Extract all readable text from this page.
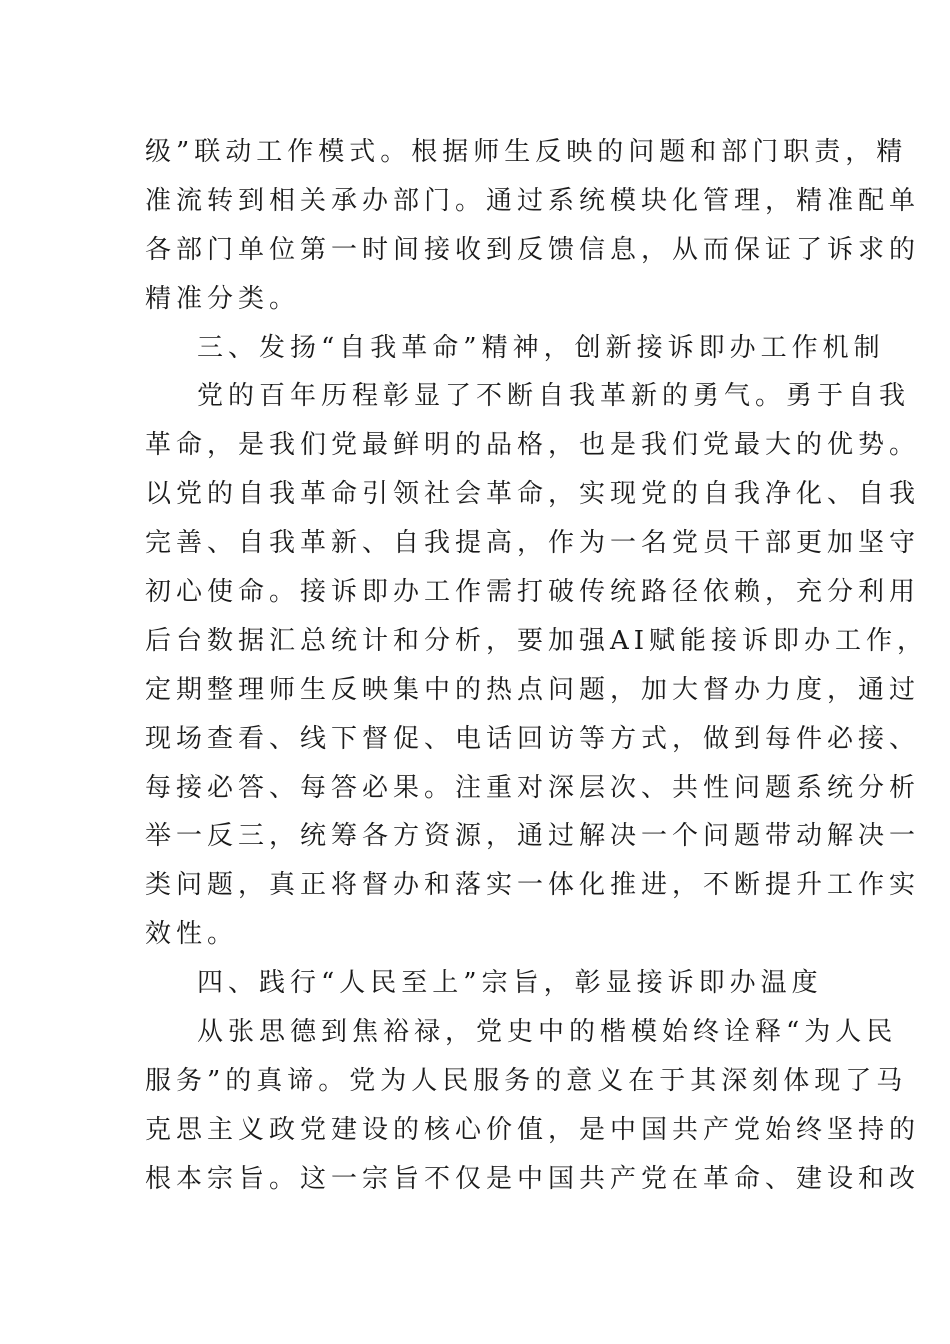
级”联动工作模式。根据师生反映的问题和部门职责，精
准流转到相关承办部门。通过系统模块化管理，精准配单
各部门单位第一时间接收到反馈信息，从而保证了诉求的
精准分类。
三、发扬“自我革命”精神，创新接诉即办工作机制
党的百年历程彰显了不断自我革新的勇气。勇于自我
革命，是我们党最鲜明的品格，也是我们党最大的优势。
以党的自我革命引领社会革命，实现党的自我净化、自我
完善、自我革新、自我提高，作为一名党员干部更加坚守
初心使命。接诉即办工作需打破传统路径依赖，充分利用
后台数据汇总统计和分析，要加强AI赋能接诉即办工作，
定期整理师生反映集中的热点问题，加大督办力度，通过
现场查看、线下督促、电话回访等方式，做到每件必接、
每接必答、每答必果。注重对深层次、共性问题系统分析
举一反三，统筹各方资源，通过解决一个问题带动解决一
类问题，真正将督办和落实一体化推进，不断提升工作实
效性。
四、践行“人民至上”宗旨，彰显接诉即办温度
从张思德到焦裕禄，党史中的楷模始终诠释“为人民
服务”的真谛。党为人民服务的意义在于其深刻体现了马
克思主义政党建设的核心价值，是中国共产党始终坚持的
根本宗旨。这一宗旨不仅是中国共产党在革命、建设和改
